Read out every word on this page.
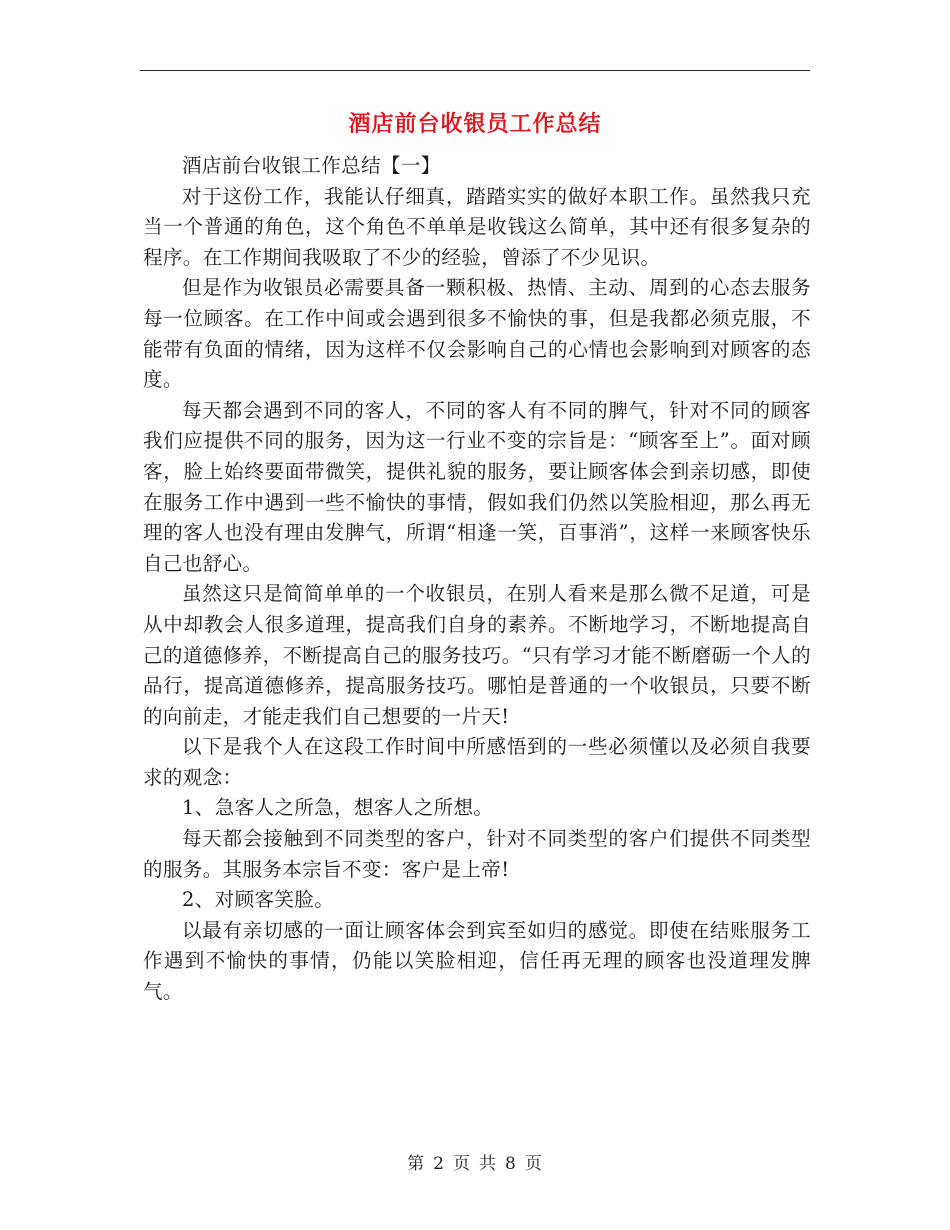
酒店前台收银员工作总结

酒店前台收银工作总结【一】

对于这份工作，我能认仔细真，踏踏实实的做好本职工作。虽然我只充当一个普通的角色，这个角色不单单是收钱这么简单，其中还有很多复杂的程序。在工作期间我吸取了不少的经验，曾添了不少见识。

但是作为收银员必需要具备一颗积极、热情、主动、周到的心态去服务每一位顾客。在工作中间或会遇到很多不愉快的事，但是我都必须克服，不能带有负面的情绪，因为这样不仅会影响自己的心情也会影响到对顾客的态度。

每天都会遇到不同的客人，不同的客人有不同的脾气，针对不同的顾客我们应提供不同的服务，因为这一行业不变的宗旨是：“顾客至上”。面对顾客，脸上始终要面带微笑，提供礼貌的服务，要让顾客体会到亲切感，即使在服务工作中遇到一些不愉快的事情，假如我们仍然以笑脸相迎，那么再无理的客人也没有理由发脾气，所谓“相逢一笑，百事消”，这样一来顾客快乐自己也舒心。

虽然这只是简简单单的一个收银员，在别人看来是那么微不足道，可是从中却教会人很多道理，提高我们自身的素养。不断地学习，不断地提高自己的道德修养，不断提高自己的服务技巧。“只有学习才能不断磨砺一个人的品行，提高道德修养，提高服务技巧。哪怕是普通的一个收银员，只要不断的向前走，才能走我们自己想要的一片天!

以下是我个人在这段工作时间中所感悟到的一些必须懂以及必须自我要求的观念：

1、急客人之所急，想客人之所想。

每天都会接触到不同类型的客户，针对不同类型的客户们提供不同类型的服务。其服务本宗旨不变：客户是上帝!

2、对顾客笑脸。

以最有亲切感的一面让顾客体会到宾至如归的感觉。即使在结账服务工作遇到不愉快的事情，仍能以笑脸相迎，信任再无理的顾客也没道理发脾气。

第 2 页 共 8 页
